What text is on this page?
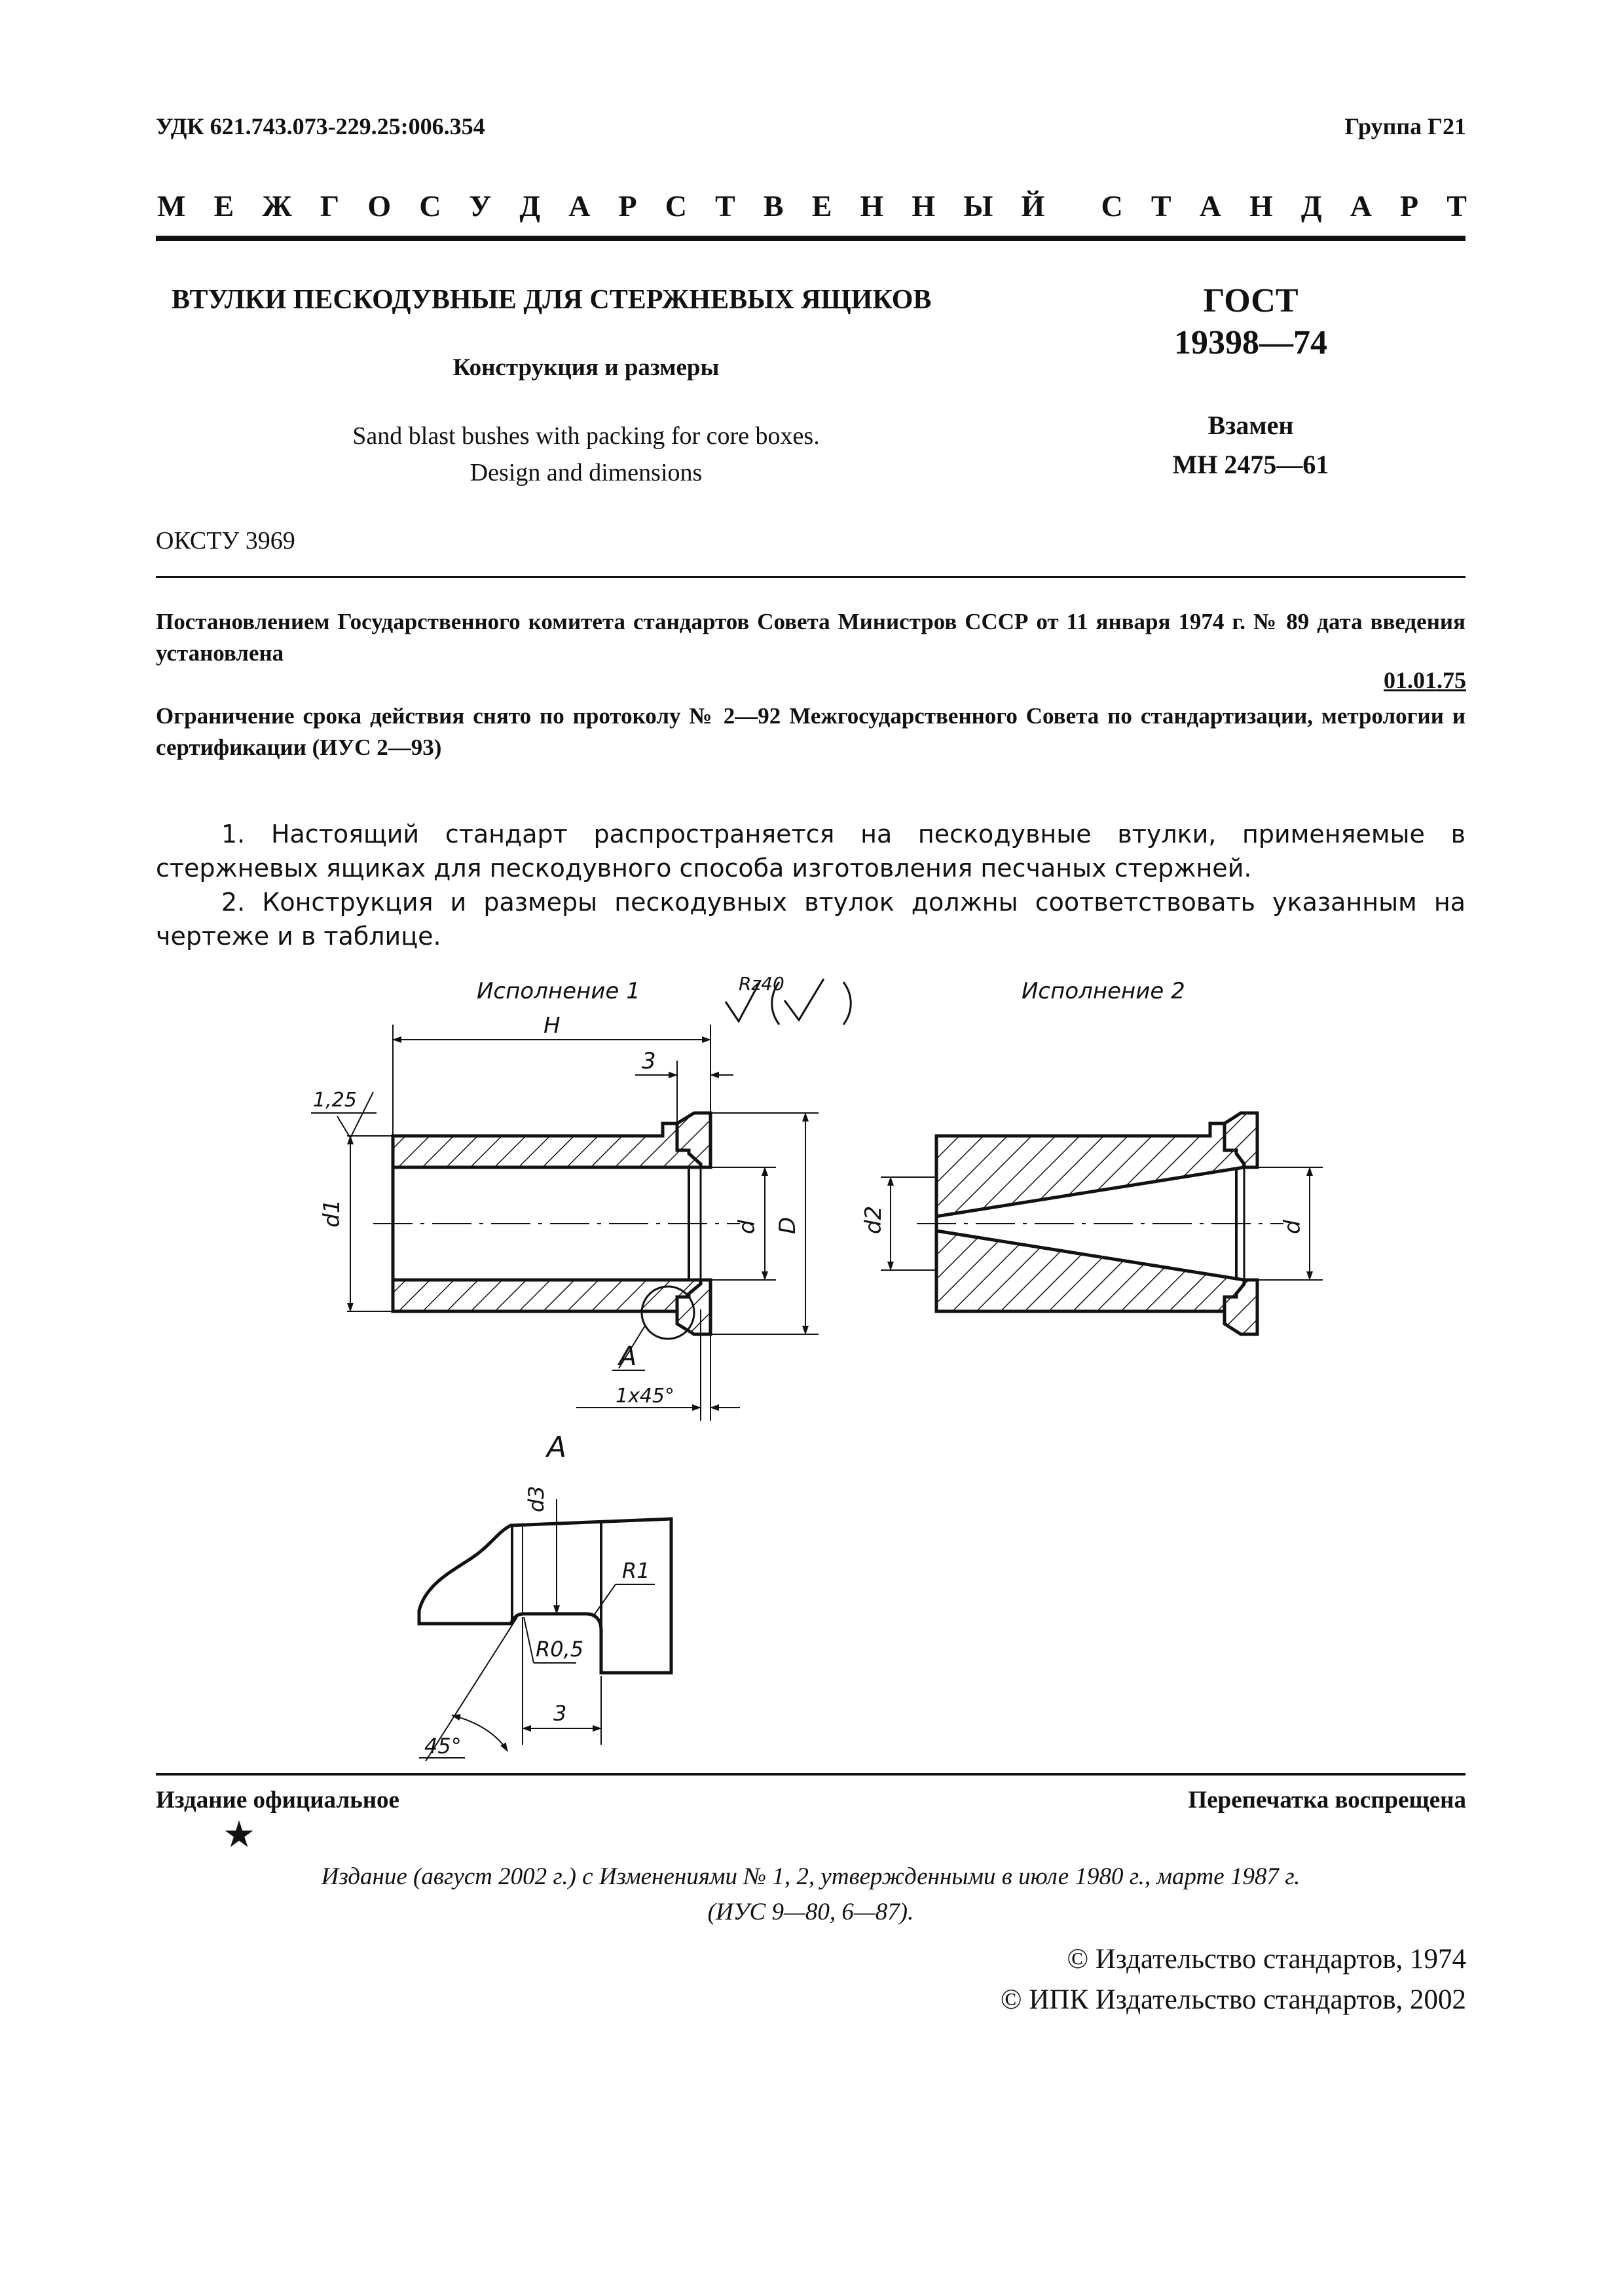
УДК 621.743.073-229.25:006.354	Группа Г21
М Е Ж Г О С У Д А Р С Т В Е Н Н Ы Й С Т А Н Д А Р Т
ВТУЛКИ ПЕСКОДУВНЫЕ ДЛЯ СТЕРЖНЕВЫХ ЯЩИКОВ
Конструкция и размеры
Sand blast bushes with packing for core boxes.
Design and dimensions
ГОСТ
19398—74
Взамен
МН 2475—61
ОКСТУ 3969
Постановлением Государственного комитета стандартов Совета Министров СССР от 11 января 1974 г. № 89 дата введения установлена
01.01.75
Ограничение срока действия снято по протоколу № 2—92 Межгосударственного Совета по стандартизации, метрологии и сертификации (ИУС 2—93)
1. Настоящий стандарт распространяется на пескодувные втулки, применяемые в стержневых ящиках для пескодувного способа изготовления песчаных стержней.
2. Конструкция и размеры пескодувных втулок должны соответствовать указанным на чертеже и в таблице.
Исполнение 1	Rz40
H
3
1,25
d1	d D
A
1x45°
Исполнение 2
d2	d
A
d3
R1
R0,5
3
45°
Издание официальное	Перепечатка воспрещена
★
Издание (август 2002 г.) с Изменениями № 1, 2, утвержденными в июле 1980 г., марте 1987 г.
(ИУС 9—80, 6—87).
© Издательство стандартов, 1974
© ИПК Издательство стандартов, 2002
